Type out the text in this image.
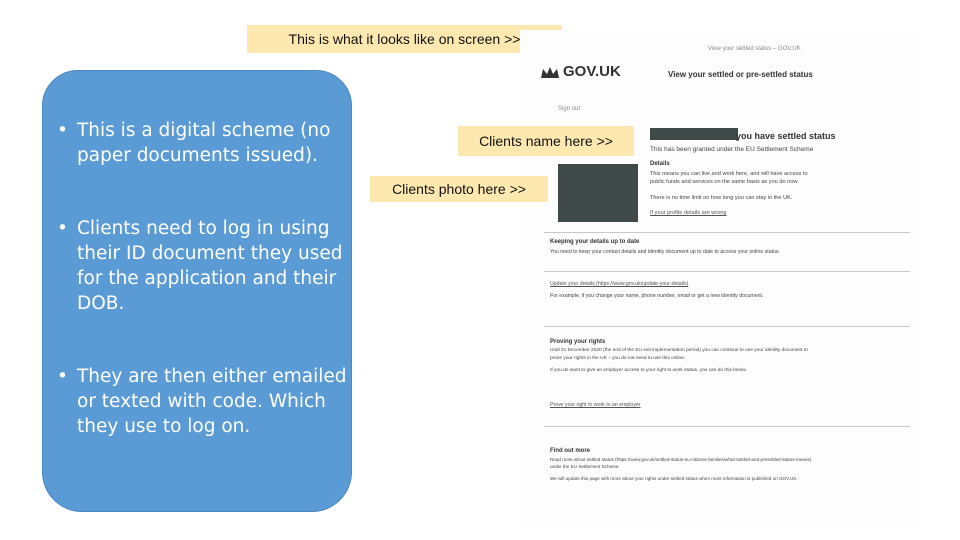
This is what it looks like on screen >>
• This is a digital scheme (no paper documents issued).
• Clients need to log in using their ID document they used for the application and their DOB.
• They are then either emailed or texted with code. Which they use to log on.
View your settled status – GOV.UK
GOV.UK	View your settled or pre-settled status
Sign out
you have settled status
This has been granted under the EU Settlement Scheme
Details
This means you can live and work here, and will have access to
public funds and services on the same basis as you do now.
There is no time limit on how long you can stay in the UK.
If your profile details are wrong
Keeping your details up to date
You need to keep your contact details and identity document up to date to access your online status.
Update your details (https://www.gov.uk/update-your-details)
For example, if you change your name, phone number, email or get a new identity document.
Proving your rights
Until 31 December 2020 (the end of the EU exit implementation period) you can continue to use your identity document to
prove your rights in the UK – you do not need to use this online.
If you do want to give an employer access to your right to work status, you can do this below.
Prove your right to work to an employer
Find out more
Read more about settled status (https://www.gov.uk/settled-status-eu-citizens-families/what-settled-and-presettled-status-means)
under the EU Settlement Scheme.
We will update this page with more about your rights under settled status when more information is published on GOV.UK.
Clients name here >>
Clients photo here >>
